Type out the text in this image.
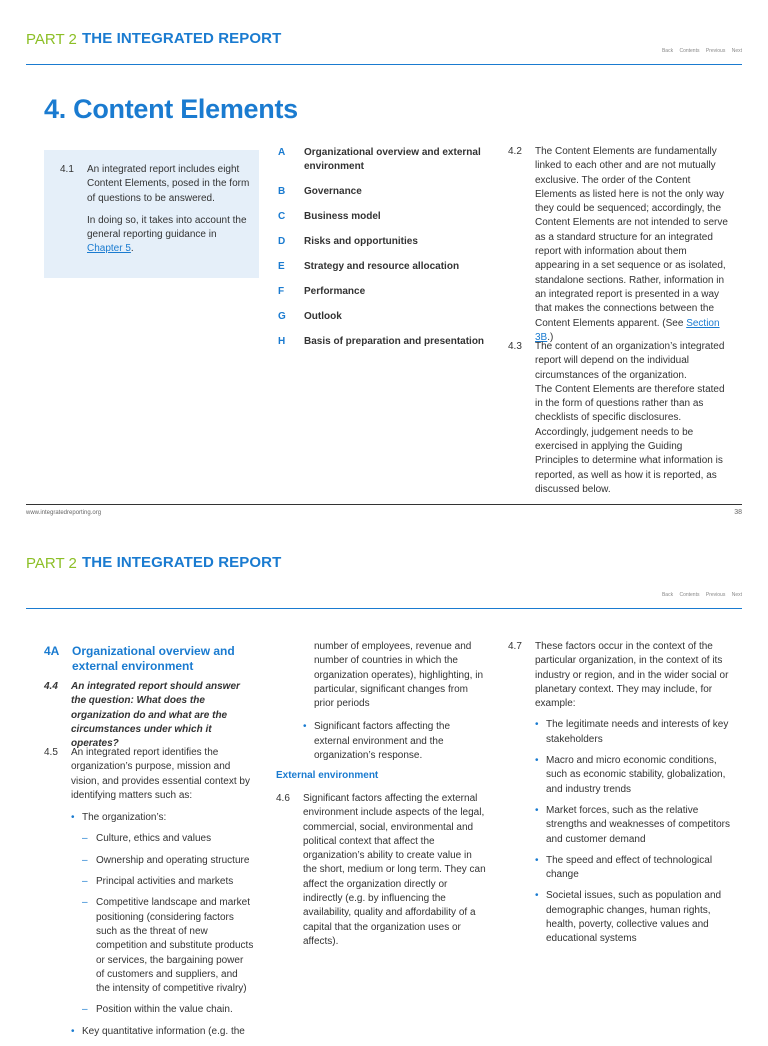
PART 2 THE INTEGRATED REPORT
Back Contents Previous Next
4. Content Elements
4.1 An integrated report includes eight Content Elements, posed in the form of questions to be answered.

In doing so, it takes into account the general reporting guidance in Chapter 5.

A Organizational overview and external environment
B Governance
C Business model
D Risks and opportunities
E Strategy and resource allocation
F Performance
G Outlook
H Basis of preparation and presentation
4.2 The Content Elements are fundamentally linked to each other and are not mutually exclusive. The order of the Content Elements as listed here is not the only way they could be sequenced; accordingly, the Content Elements are not intended to serve as a standard structure for an integrated report with information about them appearing in a set sequence or as isolated, standalone sections. Rather, information in an integrated report is presented in a way that makes the connections between the Content Elements apparent. (See Section 3B.)

4.3 The content of an organization’s integrated report will depend on the individual circumstances of the organization.
The Content Elements are therefore stated in the form of questions rather than as checklists of specific disclosures. Accordingly, judgement needs to be exercised in applying the Guiding Principles to determine what information is reported, as well as how it is reported, as discussed below.
www.integratedreporting.org	38
PART 2 THE INTEGRATED REPORT
Back Contents Previous Next
4A Organizational overview and external environment
4.4 An integrated report should answer the question: What does the organization do and what are the circumstances under which it operates?
4.5 An integrated report identifies the organization’s purpose, mission and vision, and provides essential context by identifying matters such as:
• The organization’s:
– Culture, ethics and values
– Ownership and operating structure
– Principal activities and markets
– Competitive landscape and market positioning (considering factors such as the threat of new competition and substitute products or services, the bargaining power of customers and suppliers, and the intensity of competitive rivalry)
– Position within the value chain.
• Key quantitative information (e.g. the
number of employees, revenue and number of countries in which the organization operates), highlighting, in particular, significant changes from prior periods
• Significant factors affecting the external environment and the organization’s response.
External environment
4.6 Significant factors affecting the external environment include aspects of the legal, commercial, social, environmental and political context that affect the organization’s ability to create value in the short, medium or long term. They can affect the organization directly or indirectly (e.g. by influencing the availability, quality and affordability of a capital that the organization uses or affects).
4.7 These factors occur in the context of the particular organization, in the context of its industry or region, and in the wider social or planetary context. They may include, for example:
• The legitimate needs and interests of key stakeholders
• Macro and micro economic conditions, such as economic stability, globalization, and industry trends
• Market forces, such as the relative strengths and weaknesses of competitors and customer demand
• The speed and effect of technological change
• Societal issues, such as population and demographic changes, human rights, health, poverty, collective values and educational systems
